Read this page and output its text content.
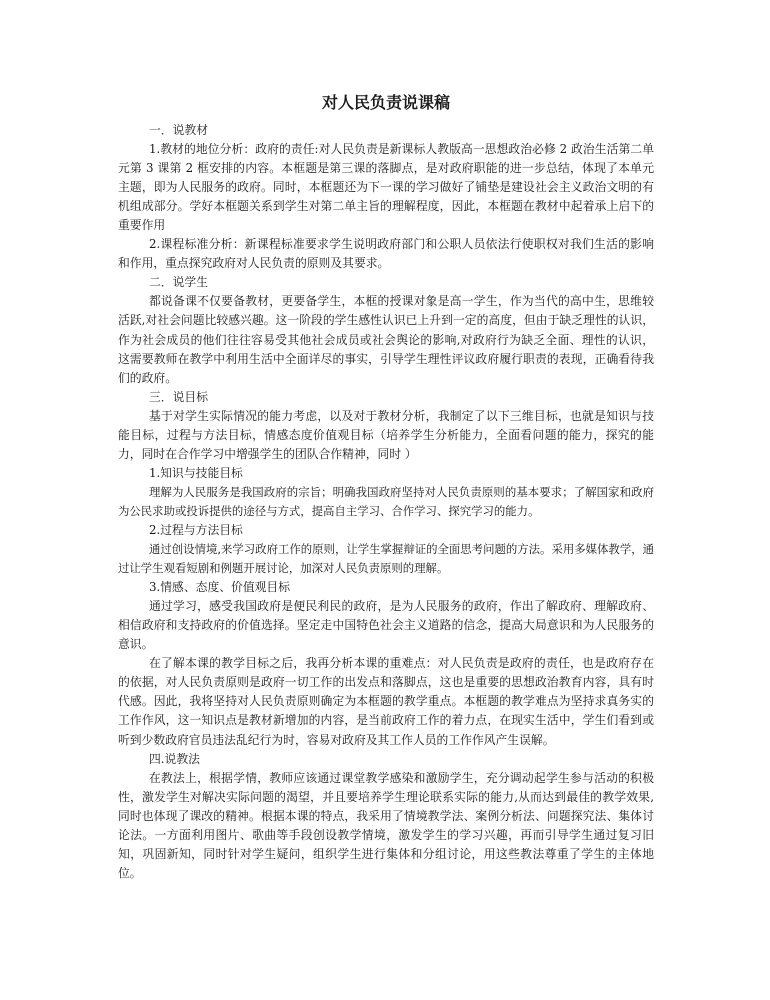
对人民负责说课稿

一．说教材

1.教材的地位分析：政府的责任:对人民负责是新课标人教版高一思想政治必修 2 政治生活第二单元第 3 课第 2 框安排的内容。本框题是第三课的落脚点，是对政府职能的进一步总结，体现了本单元主题，即为人民服务的政府。同时，本框题还为下一课的学习做好了铺垫是建设社会主义政治文明的有机组成部分。学好本框题关系到学生对第二单主旨的理解程度，因此，本框题在教材中起着承上启下的重要作用

2.课程标准分析：新课程标准要求学生说明政府部门和公职人员依法行使职权对我们生活的影响和作用，重点探究政府对人民负责的原则及其要求。

二．说学生

都说备课不仅要备教材，更要备学生，本框的授课对象是高一学生，作为当代的高中生，思维较活跃,对社会问题比较感兴趣。这一阶段的学生感性认识已上升到一定的高度，但由于缺乏理性的认识，作为社会成员的他们往往容易受其他社会成员或社会舆论的影响,对政府行为缺乏全面、理性的认识， 这需要教师在教学中利用生活中全面详尽的事实，引导学生理性评议政府履行职责的表现，正确看待我们的政府。

三．说目标

基于对学生实际情况的能力考虑，以及对于教材分析，我制定了以下三维目标，也就是知识与技能目标，过程与方法目标，情感态度价值观目标（培养学生分析能力，全面看问题的能力，探究的能力，同时在合作学习中增强学生的团队合作精神，同时 ）

1.知识与技能目标

理解为人民服务是我国政府的宗旨；明确我国政府坚持对人民负责原则的基本要求；了解国家和政府为公民求助或投诉提供的途径与方式，提高自主学习、合作学习、探究学习的能力。

2.过程与方法目标

通过创设情境,来学习政府工作的原则，让学生掌握辩证的全面思考问题的方法。采用多媒体教学，通过让学生观看短剧和例题开展讨论，加深对人民负责原则的理解。

3.情感、态度、价值观目标

通过学习，感受我国政府是便民利民的政府，是为人民服务的政府，作出了解政府、理解政府、相信政府和支持政府的价值选择。坚定走中国特色社会主义道路的信念，提高大局意识和为人民服务的意识。

在了解本课的教学目标之后，我再分析本课的重难点：对人民负责是政府的责任，也是政府存在的依据，对人民负责原则是政府一切工作的出发点和落脚点，这也是重要的思想政治教育内容，具有时代感。因此，我将坚持对人民负责原则确定为本框题的教学重点。本框题的教学难点为坚持求真务实的工作作风，这一知识点是教材新增加的内容，是当前政府工作的着力点，在现实生活中，学生们看到或听到少数政府官员违法乱纪行为时，容易对政府及其工作人员的工作作风产生误解。

四.说教法

在教法上，根据学情，教师应该通过课堂教学感染和激励学生，充分调动起学生参与活动的积极性，激发学生对解决实际问题的渴望，并且要培养学生理论联系实际的能力,从而达到最佳的教学效果,同时也体现了课改的精神。根据本课的特点，我采用了情境教学法、案例分析法、问题探究法、集体讨论法。一方面利用图片、歌曲等手段创设教学情境，激发学生的学习兴趣，再而引导学生通过复习旧知，巩固新知，同时针对学生疑问，组织学生进行集体和分组讨论，用这些教法尊重了学生的主体地位。
